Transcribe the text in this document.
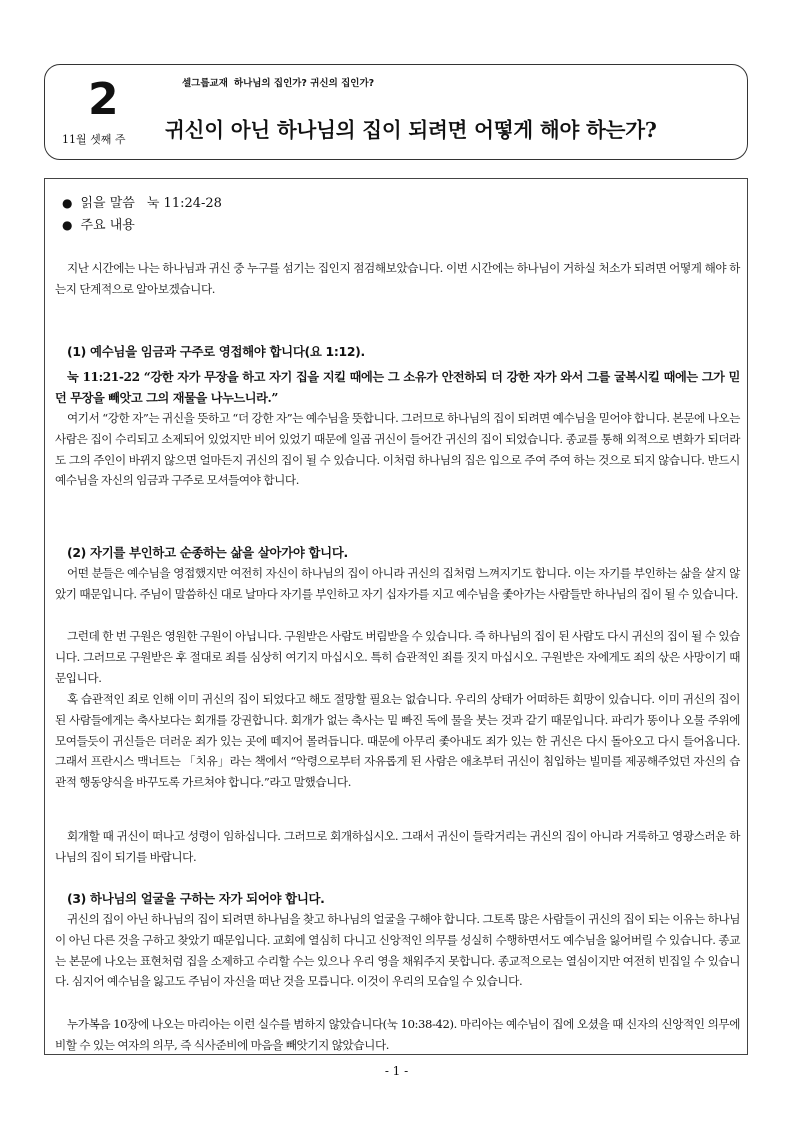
2
11월 셋째 주
셀그룹교재 하나님의 집인가? 귀신의 집인가?
귀신이 아닌 하나님의 집이 되려면 어떻게 해야 하는가?
● 읽을 말씀 눅 11:24-28
● 주요 내용

지난 시간에는 나는 하나님과 귀신 중 누구를 섬기는 집인지 점검해보았습니다. 이번 시간에는 하나님이 거하실 처소가 되려면 어떻게 해야 하는지 단계적으로 알아보겠습니다.

(1) 예수님을 임금과 구주로 영접해야 합니다(요 1:12).

눅 11:21-22 “강한 자가 무장을 하고 자기 집을 지킬 때에는 그 소유가 안전하되 더 강한 자가 와서 그를 굴복시킬 때에는 그가 믿던 무장을 빼앗고 그의 재물을 나누느니라.”

여기서 “강한 자”는 귀신을 뜻하고 “더 강한 자”는 예수님을 뜻합니다. 그러므로 하나님의 집이 되려면 예수님을 믿어야 합니다. 본문에 나오는 사람은 집이 수리되고 소제되어 있었지만 비어 있었기 때문에 일곱 귀신이 들어간 귀신의 집이 되었습니다. 종교를 통해 외적으로 변화가 되더라도 그의 주인이 바뀌지 않으면 얼마든지 귀신의 집이 될 수 있습니다. 이처럼 하나님의 집은 입으로 주여 주여 하는 것으로 되지 않습니다. 반드시 예수님을 자신의 임금과 구주로 모셔들여야 합니다.

(2) 자기를 부인하고 순종하는 삶을 살아가야 합니다.

어떤 분들은 예수님을 영접했지만 여전히 자신이 하나님의 집이 아니라 귀신의 집처럼 느껴지기도 합니다. 이는 자기를 부인하는 삶을 살지 않았기 때문입니다. 주님이 말씀하신 대로 날마다 자기를 부인하고 자기 십자가를 지고 예수님을 좇아가는 사람들만 하나님의 집이 될 수 있습니다.

그런데 한 번 구원은 영원한 구원이 아닙니다. 구원받은 사람도 버림받을 수 있습니다. 즉 하나님의 집이 된 사람도 다시 귀신의 집이 될 수 있습니다. 그러므로 구원받은 후 절대로 죄를 심상히 여기지 마십시오. 특히 습관적인 죄를 짓지 마십시오. 구원받은 자에게도 죄의 삯은 사망이기 때문입니다.

혹 습관적인 죄로 인해 이미 귀신의 집이 되었다고 해도 절망할 필요는 없습니다. 우리의 상태가 어떠하든 희망이 있습니다. 이미 귀신의 집이 된 사람들에게는 축사보다는 회개를 강권합니다. 회개가 없는 축사는 밑 빠진 독에 물을 붓는 것과 같기 때문입니다. 파리가 똥이나 오물 주위에 모여들듯이 귀신들은 더러운 죄가 있는 곳에 떼지어 몰려듭니다. 때문에 아무리 좇아내도 죄가 있는 한 귀신은 다시 돌아오고 다시 들어옵니다. 그래서 프란시스 맥너트는 「치유」라는 책에서 “악령으로부터 자유롭게 된 사람은 애초부터 귀신이 침입하는 빌미를 제공해주었던 자신의 습관적 행동양식을 바꾸도록 가르쳐야 합니다.”라고 말했습니다.

회개할 때 귀신이 떠나고 성령이 임하십니다. 그러므로 회개하십시오. 그래서 귀신이 들락거리는 귀신의 집이 아니라 거룩하고 영광스러운 하나님의 집이 되기를 바랍니다.

(3) 하나님의 얼굴을 구하는 자가 되어야 합니다.

귀신의 집이 아닌 하나님의 집이 되려면 하나님을 찾고 하나님의 얼굴을 구해야 합니다. 그토록 많은 사람들이 귀신의 집이 되는 이유는 하나님이 아닌 다른 것을 구하고 찾았기 때문입니다. 교회에 열심히 다니고 신앙적인 의무를 성실히 수행하면서도 예수님을 잃어버릴 수 있습니다. 종교는 본문에 나오는 표현처럼 집을 소제하고 수리할 수는 있으나 우리 영을 채워주지 못합니다. 종교적으로는 열심이지만 여전히 빈집일 수 있습니다. 심지어 예수님을 잃고도 주님이 자신을 떠난 것을 모릅니다. 이것이 우리의 모습일 수 있습니다.

누가복음 10장에 나오는 마리아는 이런 실수를 범하지 않았습니다(눅 10:38-42). 마리아는 예수님이 집에 오셨을 때 신자의 신앙적인 의무에 비할 수 있는 여자의 의무, 즉 식사준비에 마음을 빼앗기지 않았습니다.

- 1 -
